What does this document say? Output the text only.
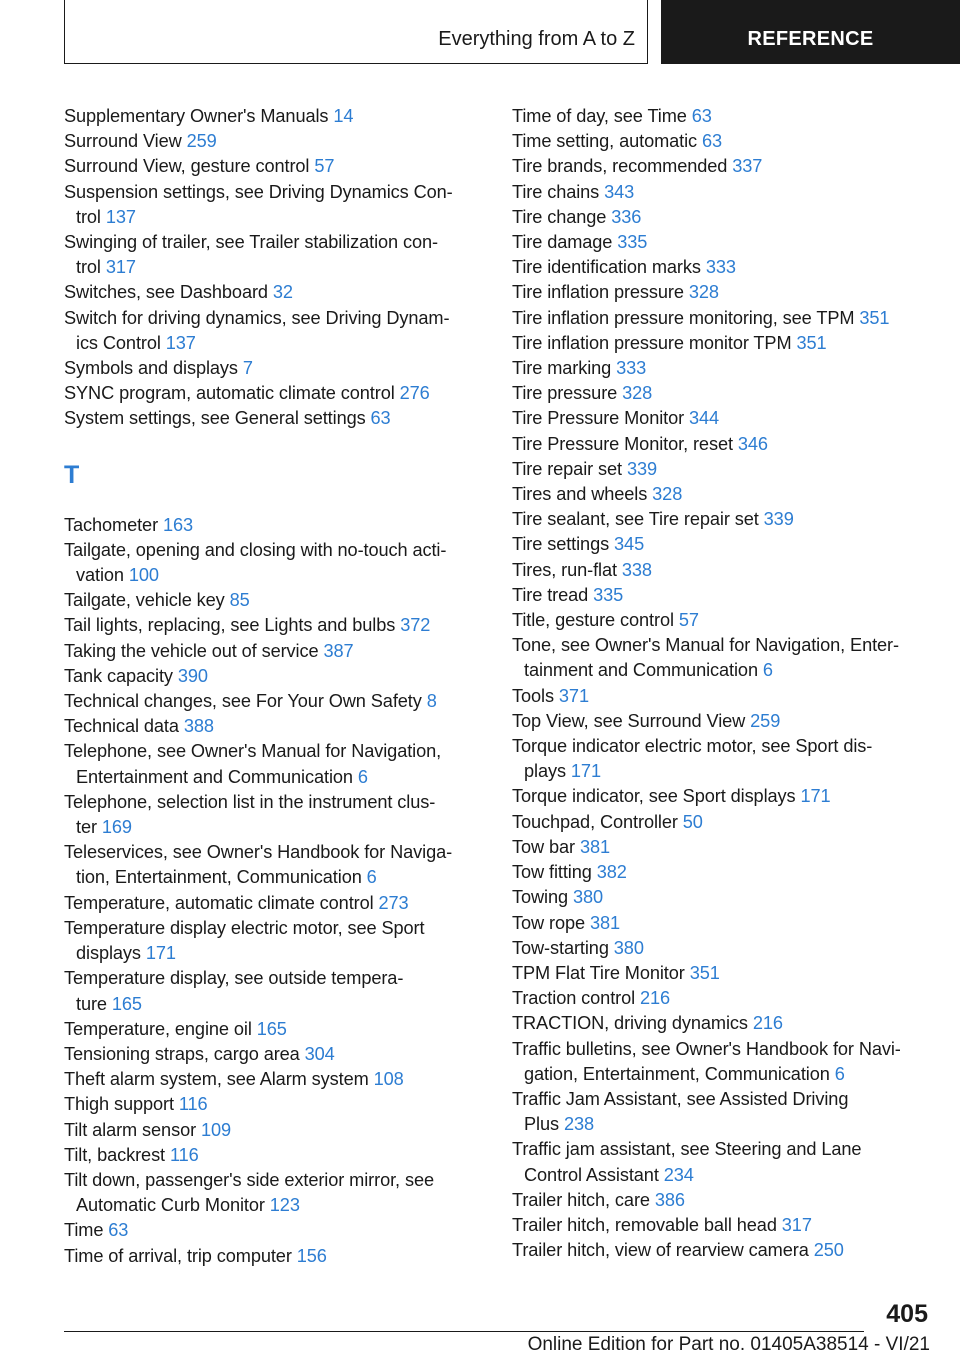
Everything from A to Z	REFERENCE
Supplementary Owner's Manuals 14
Surround View 259
Surround View, gesture control 57
Suspension settings, see Driving Dynamics Con-
trol 137
Swinging of trailer, see Trailer stabilization con-
trol 317
Switches, see Dashboard 32
Switch for driving dynamics, see Driving Dynam-
ics Control 137
Symbols and displays 7
SYNC program, automatic climate control 276
System settings, see General settings 63
T
Tachometer 163
Tailgate, opening and closing with no-touch acti-
vation 100
Tailgate, vehicle key 85
Tail lights, replacing, see Lights and bulbs 372
Taking the vehicle out of service 387
Tank capacity 390
Technical changes, see For Your Own Safety 8
Technical data 388
Telephone, see Owner's Manual for Navigation,
Entertainment and Communication 6
Telephone, selection list in the instrument clus-
ter 169
Teleservices, see Owner's Handbook for Naviga-
tion, Entertainment, Communication 6
Temperature, automatic climate control 273
Temperature display electric motor, see Sport
displays 171
Temperature display, see outside tempera-
ture 165
Temperature, engine oil 165
Tensioning straps, cargo area 304
Theft alarm system, see Alarm system 108
Thigh support 116
Tilt alarm sensor 109
Tilt, backrest 116
Tilt down, passenger's side exterior mirror, see
Automatic Curb Monitor 123
Time 63
Time of arrival, trip computer 156
Time of day, see Time 63
Time setting, automatic 63
Tire brands, recommended 337
Tire chains 343
Tire change 336
Tire damage 335
Tire identification marks 333
Tire inflation pressure 328
Tire inflation pressure monitoring, see TPM 351
Tire inflation pressure monitor TPM 351
Tire marking 333
Tire pressure 328
Tire Pressure Monitor 344
Tire Pressure Monitor, reset 346
Tire repair set 339
Tires and wheels 328
Tire sealant, see Tire repair set 339
Tire settings 345
Tires, run-flat 338
Tire tread 335
Title, gesture control 57
Tone, see Owner's Manual for Navigation, Enter-
tainment and Communication 6
Tools 371
Top View, see Surround View 259
Torque indicator electric motor, see Sport dis-
plays 171
Torque indicator, see Sport displays 171
Touchpad, Controller 50
Tow bar 381
Tow fitting 382
Towing 380
Tow rope 381
Tow-starting 380
TPM Flat Tire Monitor 351
Traction control 216
TRACTION, driving dynamics 216
Traffic bulletins, see Owner's Handbook for Navi-
gation, Entertainment, Communication 6
Traffic Jam Assistant, see Assisted Driving
Plus 238
Traffic jam assistant, see Steering and Lane
Control Assistant 234
Trailer hitch, care 386
Trailer hitch, removable ball head 317
Trailer hitch, view of rearview camera 250
405
Online Edition for Part no. 01405A38514 - VI/21
